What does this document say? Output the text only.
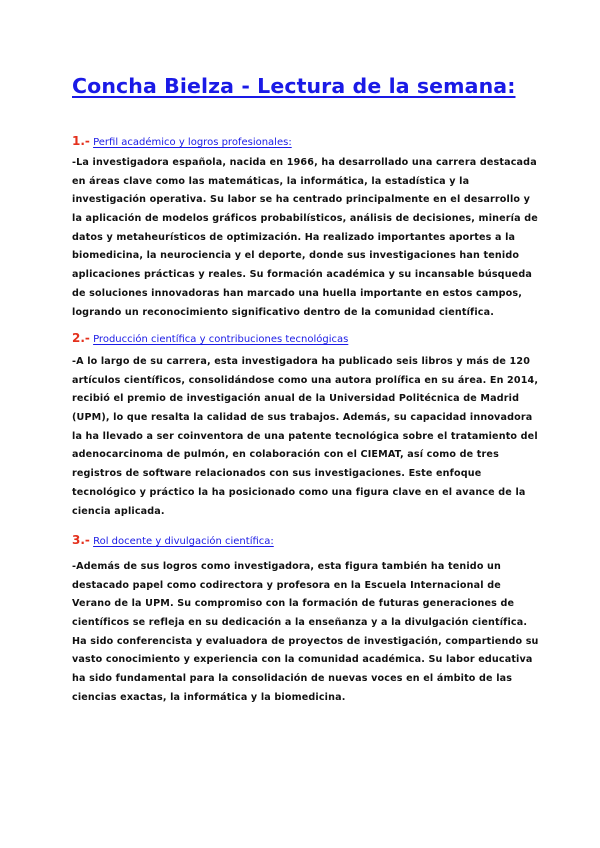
Concha Bielza - Lectura de la semana:
1.- Perfil académico y logros profesionales:
-La investigadora española, nacida en 1966, ha desarrollado una carrera destacada
en áreas clave como las matemáticas, la informática, la estadística y la
investigación operativa. Su labor se ha centrado principalmente en el desarrollo y
la aplicación de modelos gráficos probabilísticos, análisis de decisiones, minería de
datos y metaheurísticos de optimización. Ha realizado importantes aportes a la
biomedicina, la neurociencia y el deporte, donde sus investigaciones han tenido
aplicaciones prácticas y reales. Su formación académica y su incansable búsqueda
de soluciones innovadoras han marcado una huella importante en estos campos,
logrando un reconocimiento significativo dentro de la comunidad científica.
2.- Producción científica y contribuciones tecnológicas
-A lo largo de su carrera, esta investigadora ha publicado seis libros y más de 120
artículos científicos, consolidándose como una autora prolífica en su área. En 2014,
recibió el premio de investigación anual de la Universidad Politécnica de Madrid
(UPM), lo que resalta la calidad de sus trabajos. Además, su capacidad innovadora
la ha llevado a ser coinventora de una patente tecnológica sobre el tratamiento del
adenocarcinoma de pulmón, en colaboración con el CIEMAT, así como de tres
registros de software relacionados con sus investigaciones. Este enfoque
tecnológico y práctico la ha posicionado como una figura clave en el avance de la
ciencia aplicada.
3.- Rol docente y divulgación científica:
-Además de sus logros como investigadora, esta figura también ha tenido un
destacado papel como codirectora y profesora en la Escuela Internacional de
Verano de la UPM. Su compromiso con la formación de futuras generaciones de
científicos se refleja en su dedicación a la enseñanza y a la divulgación científica.
Ha sido conferencista y evaluadora de proyectos de investigación, compartiendo su
vasto conocimiento y experiencia con la comunidad académica. Su labor educativa
ha sido fundamental para la consolidación de nuevas voces en el ámbito de las
ciencias exactas, la informática y la biomedicina.
